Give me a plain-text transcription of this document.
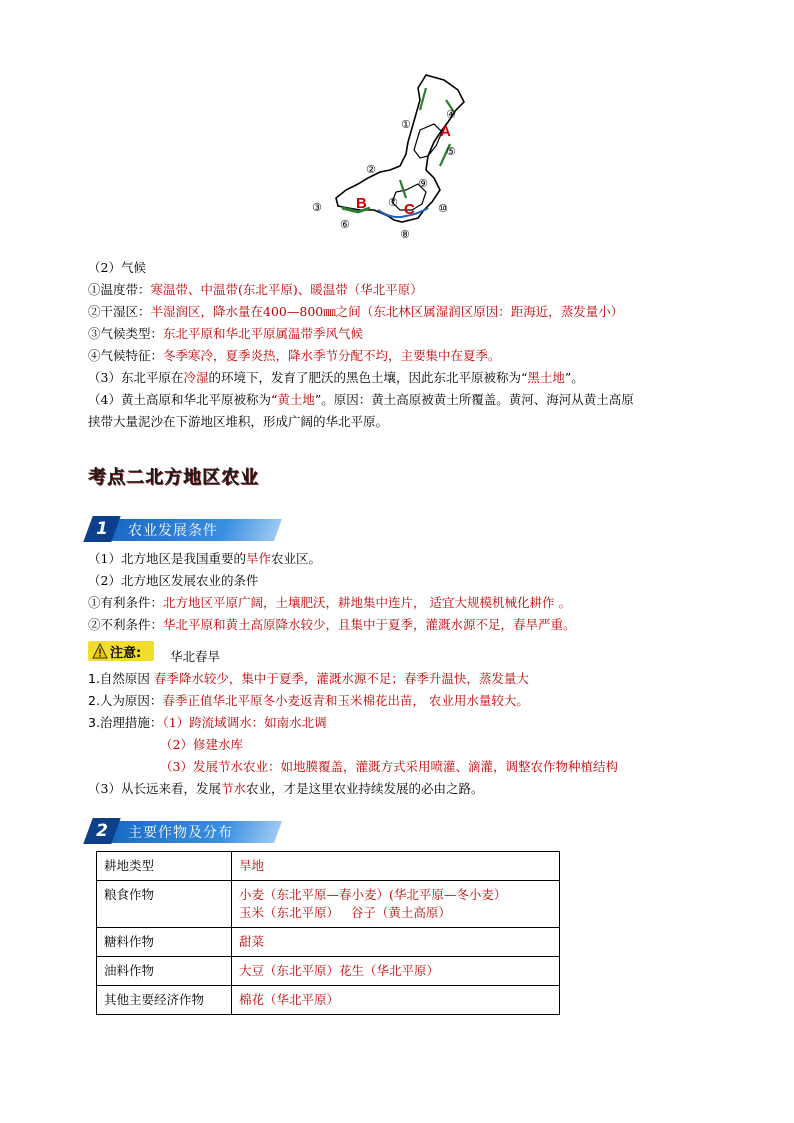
A
B C
①
②
③
④
⑤
⑥
⑦
⑧
⑨
⑩
（2）气候
①温度带：寒温带、中温带(东北平原)、暖温带（华北平原）
②干湿区：半湿润区，降水量在400—800㎜之间（东北林区属湿润区原因：距海近，蒸发量小）
③气候类型：东北平原和华北平原属温带季风气候
④气候特征：冬季寒冷，夏季炎热，降水季节分配不均，主要集中在夏季。
（3）东北平原在冷湿的环境下，发育了肥沃的黑色土壤，因此东北平原被称为“黑土地”。
（4）黄土高原和华北平原被称为“黄土地”。原因：黄土高原被黄土所覆盖。黄河、海河从黄土高原
挟带大量泥沙在下游地区堆积，形成广阔的华北平原。
考点二北方地区农业
1	农业发展条件
（1）北方地区是我国重要的旱作农业区。
（2）北方地区发展农业的条件
①有利条件：北方地区平原广阔，土壤肥沃，耕地集中连片， 适宜大规模机械化耕作 。
②不利条件：华北平原和黄土高原降水较少，且集中于夏季，灌溉水源不足，春旱严重。
注意: 华北春旱
1.自然原因 春季降水较少，集中于夏季，灌溉水源不足；春季升温快，蒸发量大
2.人为原因：春季正值华北平原冬小麦返青和玉米棉花出苗， 农业用水量较大。
3.治理措施：（1）跨流域调水：如南水北调
（2）修建水库
（3）发展节水农业：如地膜覆盖，灌溉方式采用喷灌、滴灌，调整农作物种植结构
（3）从长远来看，发展节水农业，才是这里农业持续发展的必由之路。
2	主要作物及分布
耕地类型	旱地
粮食作物	小麦（东北平原—春小麦）(华北平原—冬小麦）
玉米（东北平原）   谷子（黄土高原）

糖料作物	甜菜
油料作物	大豆（东北平原）花生（华北平原）
其他主要经济作物	棉花（华北平原）
